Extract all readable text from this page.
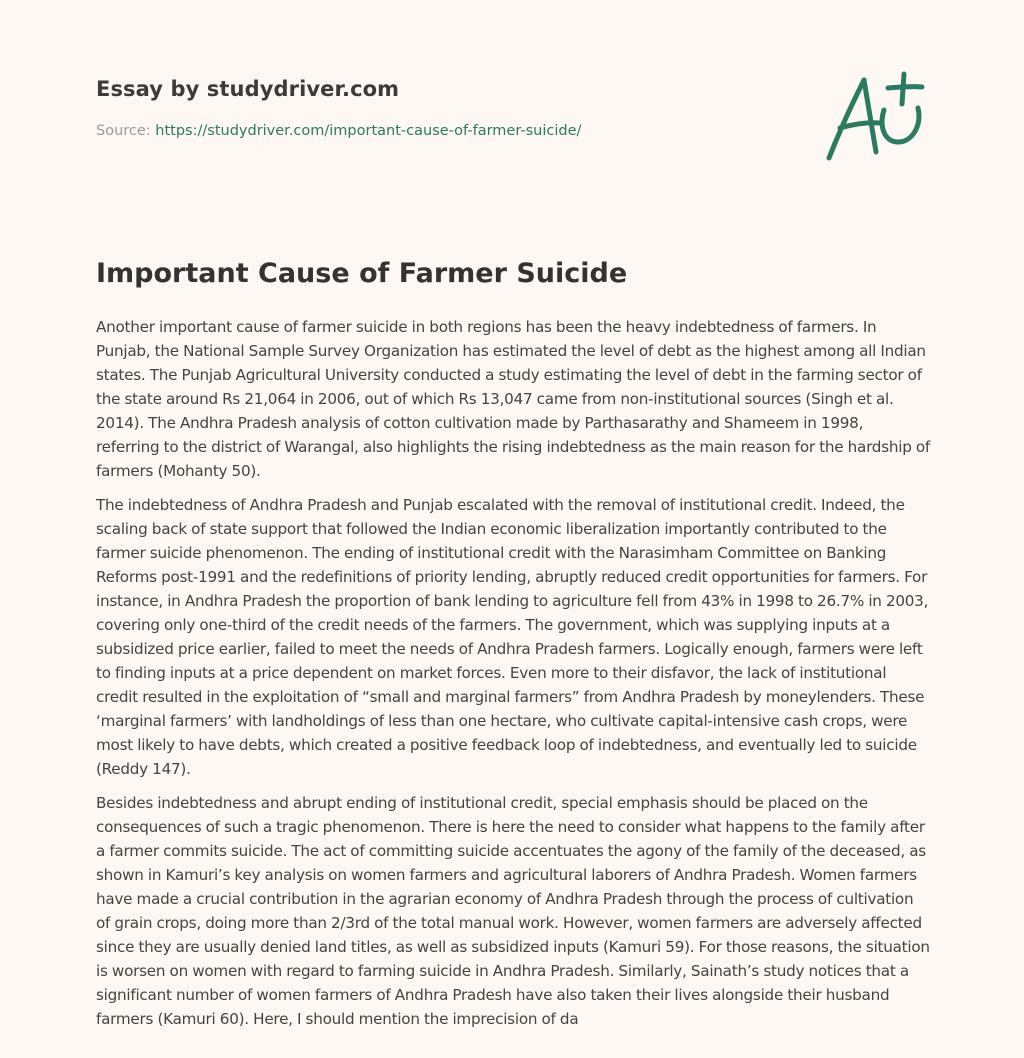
Essay by studydriver.com
Source: https://studydriver.com/important-cause-of-farmer-suicide/
Important Cause of Farmer Suicide

Another important cause of farmer suicide in both regions has been the heavy indebtedness of farmers. In Punjab, the National Sample Survey Organization has estimated the level of debt as the highest among all Indian states. The Punjab Agricultural University conducted a study estimating the level of debt in the farming sector of the state around Rs 21,064 in 2006, out of which Rs 13,047 came from non-institutional sources (Singh et al. 2014). The Andhra Pradesh analysis of cotton cultivation made by Parthasarathy and Shameem in 1998, referring to the district of Warangal, also highlights the rising indebtedness as the main reason for the hardship of farmers (Mohanty 50).

The indebtedness of Andhra Pradesh and Punjab escalated with the removal of institutional credit. Indeed, the scaling back of state support that followed the Indian economic liberalization importantly contributed to the farmer suicide phenomenon. The ending of institutional credit with the Narasimham Committee on Banking Reforms post-1991 and the redefinitions of priority lending, abruptly reduced credit opportunities for farmers. For instance, in Andhra Pradesh the proportion of bank lending to agriculture fell from 43% in 1998 to 26.7% in 2003, covering only one-third of the credit needs of the farmers. The government, which was supplying inputs at a subsidized price earlier, failed to meet the needs of Andhra Pradesh farmers. Logically enough, farmers were left to finding inputs at a price dependent on market forces. Even more to their disfavor, the lack of institutional credit resulted in the exploitation of “small and marginal farmers” from Andhra Pradesh by moneylenders. These ‘marginal farmers’ with landholdings of less than one hectare, who cultivate capital-intensive cash crops, were most likely to have debts, which created a positive feedback loop of indebtedness, and eventually led to suicide (Reddy 147).

Besides indebtedness and abrupt ending of institutional credit, special emphasis should be placed on the consequences of such a tragic phenomenon. There is here the need to consider what happens to the family after a farmer commits suicide. The act of committing suicide accentuates the agony of the family of the deceased, as shown in Kamuri’s key analysis on women farmers and agricultural laborers of Andhra Pradesh. Women farmers have made a crucial contribution in the agrarian economy of Andhra Pradesh through the process of cultivation of grain crops, doing more than 2/3rd of the total manual work. However, women farmers are adversely affected since they are usually denied land titles, as well as subsidized inputs (Kamuri 59). For those reasons, the situation is worsen on women with regard to farming suicide in Andhra Pradesh. Similarly, Sainath’s study notices that a significant number of women farmers of Andhra Pradesh have also taken their lives alongside their husband farmers (Kamuri 60). Here, I should mention the imprecision of da
